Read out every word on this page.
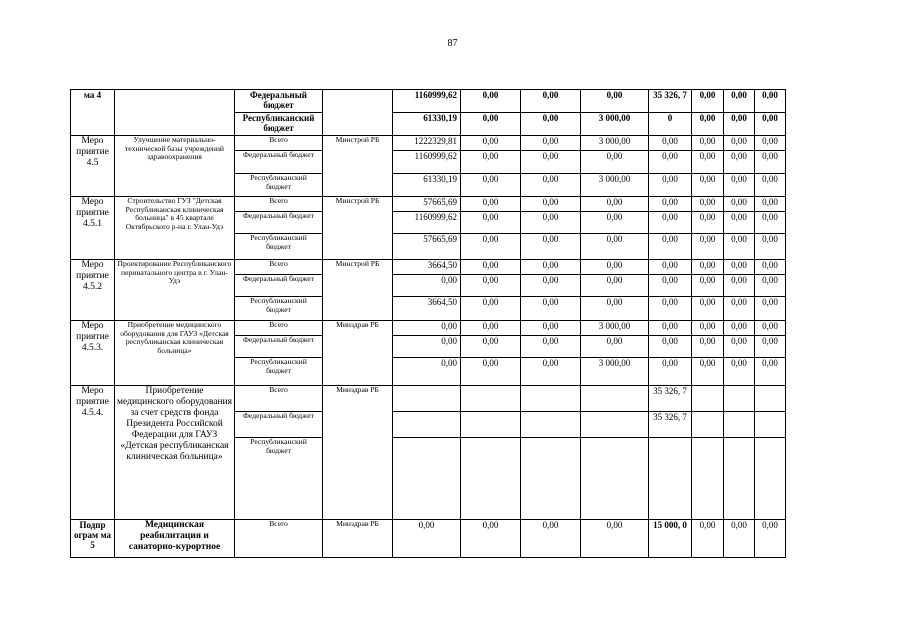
87
ма 4		Федеральный бюджет		1160999,62	0,00	0,00	0,00	35 326, 7	0,00	0,00	0,00
		Республиканский бюджет		61330,19	0,00	0,00	3 000,00	0	0,00	0,00	0,00
Меро приятие 4.5	Улучшение материально-технической базы учреждений здравоохранения	Всего	Минстрой РБ	1222329,81	0,00	0,00	3 000,00	0,00	0,00	0,00	0,00
		Федеральный бюджет		1160999,62	0,00	0,00	0,00	0,00	0,00	0,00	0,00
		Республиканский бюджет		61330,19	0,00	0,00	3 000,00	0,00	0,00	0,00	0,00
Меро приятие 4.5.1	Строительство ГУЗ "Детская Республиканская клиническая больница" в 45 квартале Октябрьского р-на г. Улан-Удэ	Всего	Минстрой РБ	57665,69	0,00	0,00	0,00	0,00	0,00	0,00	0,00
		Федеральный бюджет		1160999,62	0,00	0,00	0,00	0,00	0,00	0,00	0,00
		Республиканский бюджет		57665,69	0,00	0,00	0,00	0,00	0,00	0,00	0,00
Меро приятие 4.5.2	Проектирование Республиканского перинатального центра в г. Улан-Удэ	Всего	Минстрой РБ	3664,50	0,00	0,00	0,00	0,00	0,00	0,00	0,00
		Федеральный бюджет		0,00	0,00	0,00	0,00	0,00	0,00	0,00	0,00
		Республиканский бюджет		3664,50	0,00	0,00	0,00	0,00	0,00	0,00	0,00
Меро приятие 4.5.3.	Приобретение медицинского оборудования для ГАУЗ «Детская республиканская клиническая больница»	Всего	Минздрав РБ	0,00	0,00	0,00	3 000,00	0,00	0,00	0,00	0,00
		Федеральный бюджет		0,00	0,00	0,00	0,00	0,00	0,00	0,00	0,00
		Республиканский бюджет		0,00	0,00	0,00	3 000,00	0,00	0,00	0,00	0,00
Меро приятие 4.5.4.	Приобретение медицинского оборудования за счет средств фонда Президента Российской Федерации для ГАУЗ «Детская республиканская клиническая больница»	Всего	Минздрав РБ					35 326, 7			
		Федеральный бюджет						35 326, 7			
		Республиканский бюджет									
Подпр ограм ма 5	Медицинская реабилитация и санаторно-курортное	Всего	Минздрав РБ	0,00	0,00	0,00	0,00	15 000, 0	0,00	0,00	0,00
